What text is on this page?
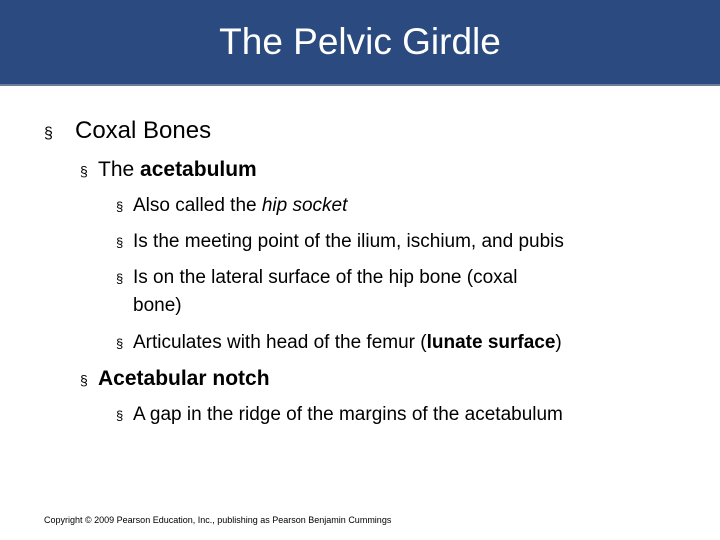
The Pelvic Girdle
§ Coxal Bones
§ The acetabulum
§ Also called the hip socket
§ Is the meeting point of the ilium, ischium, and pubis
§ Is on the lateral surface of the hip bone (coxal
bone)
§ Articulates with head of the femur ( lunate surface )
§ Acetabular notch
§ A gap in the ridge of the margins of the acetabulum
Copyright © 2009 Pearson Education, Inc., publishing as Pearson Benjamin Cummings
